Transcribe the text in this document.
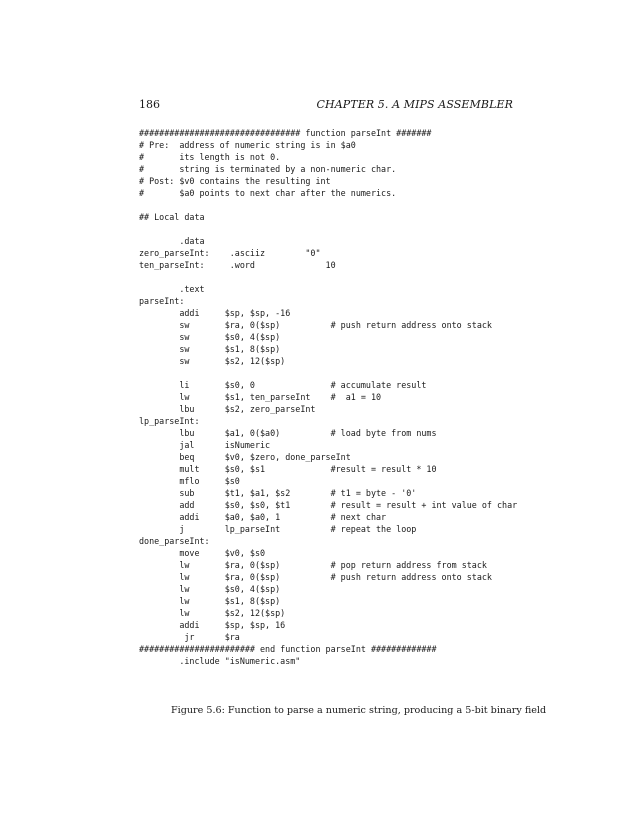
186	CHAPTER 5. A MIPS ASSEMBLER
################################ function parseInt #######
# Pre:  address of numeric string is in $a0
#       its length is not 0.
#       string is terminated by a non-numeric char.
# Post: $v0 contains the resulting int
#       $a0 points to next char after the numerics.
## Local data
.data
zero_parseInt:    .asciiz        "0"
ten_parseInt:     .word              10
.text
parseInt:
addi     $sp, $sp, -16
sw       $ra, 0($sp)          # push return address onto stack
sw       $s0, 4($sp)
sw       $s1, 8($sp)
sw       $s2, 12($sp)
li       $s0, 0               # accumulate result
lw       $s1, ten_parseInt    #  a1 = 10
lbu      $s2, zero_parseInt
lp_parseInt:
lbu      $a1, 0($a0)          # load byte from nums
jal      isNumeric
beq      $v0, $zero, done_parseInt
mult     $s0, $s1             #result = result * 10
mflo     $s0
sub      $t1, $a1, $s2        # t1 = byte - '0'
add      $s0, $s0, $t1        # result = result + int value of char
addi     $a0, $a0, 1          # next char
j        lp_parseInt          # repeat the loop
done_parseInt:
move     $v0, $s0
lw       $ra, 0($sp)          # pop return address from stack
lw       $ra, 0($sp)          # push return address onto stack
lw       $s0, 4($sp)
lw       $s1, 8($sp)
lw       $s2, 12($sp)
addi     $sp, $sp, 16
jr      $ra
####################### end function parseInt #############
.include "isNumeric.asm"
Figure 5.6: Function to parse a numeric string, producing a 5-bit binary field
